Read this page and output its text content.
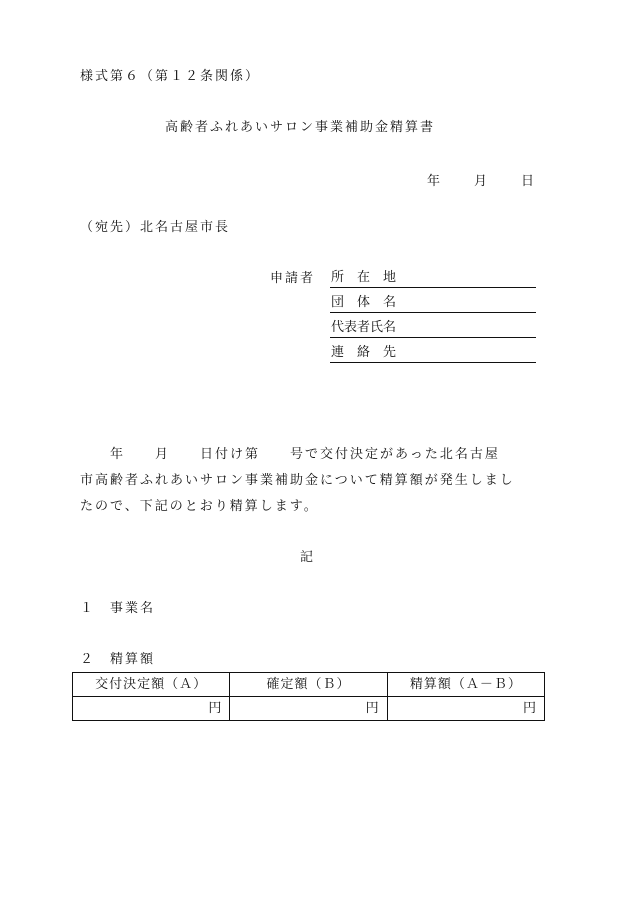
様式第６（第１２条関係）
高齢者ふれあいサロン事業補助金精算書
年	月	日
（宛先）北名古屋市長
申請者 所　在　地
団　体　名
代表者氏名
連　絡　先
　　年　　月　　日付け第　　号で交付決定があった北名古屋
市高齢者ふれあいサロン事業補助金について精算額が発生しまし
たので、下記のとおり精算します。
記
１　事業名
２　精算額
交付決定額（Ａ）	確定額（Ｂ）	精算額（Ａ－Ｂ）
円	円	円
